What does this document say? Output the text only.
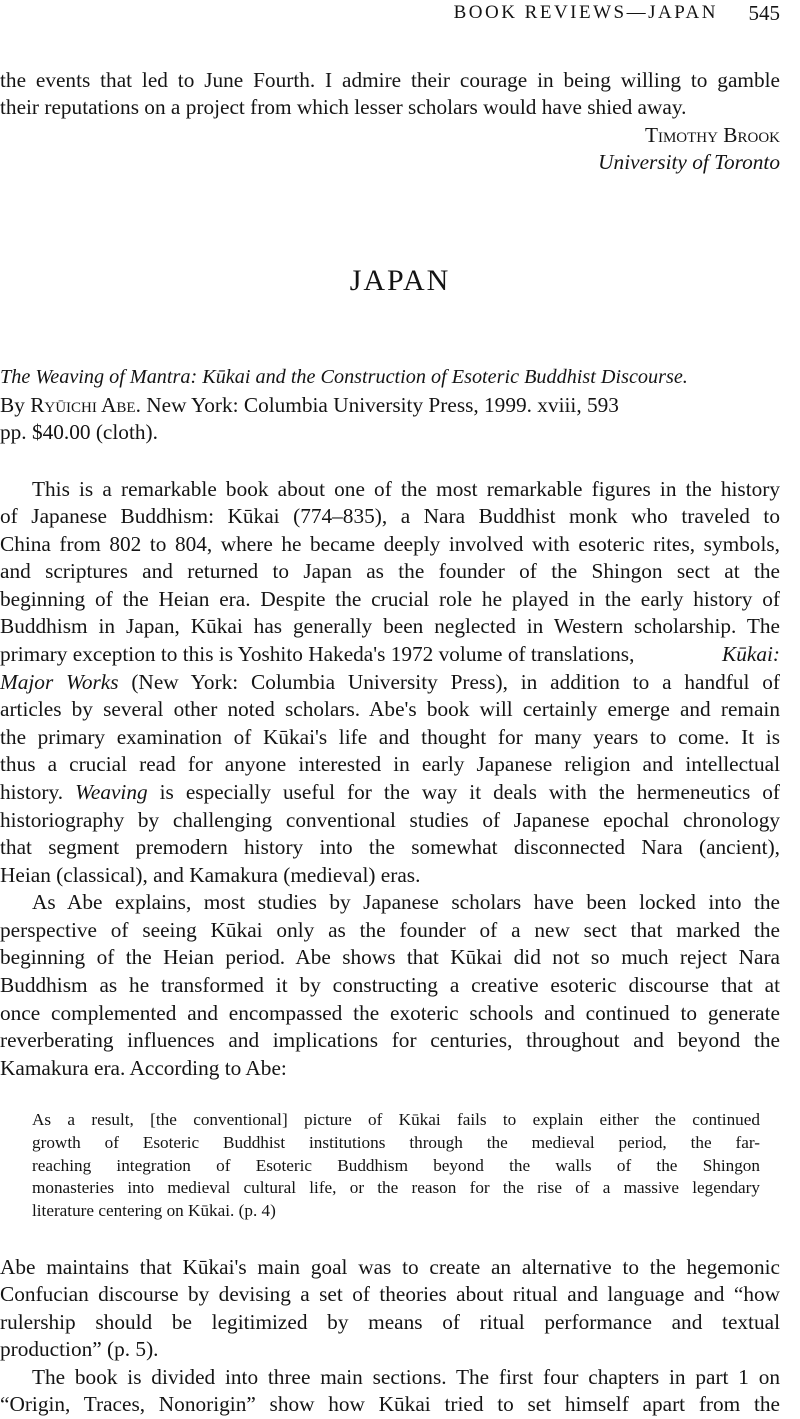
BOOK REVIEWS—JAPAN 545
the events that led to June Fourth. I admire their courage in being willing to gamble
their reputations on a project from which lesser scholars would have shied away.
Timothy Brook
University of Toronto
JAPAN
The Weaving of Mantra: Kūkai and the Construction of Esoteric Buddhist Discourse.
By Ryūichi Abe. New York: Columbia University Press, 1999. xviii, 593
pp. $40.00 (cloth).
This is a remarkable book about one of the most remarkable figures in the history
of Japanese Buddhism: Kūkai (774–835), a Nara Buddhist monk who traveled to
China from 802 to 804, where he became deeply involved with esoteric rites, symbols,
and scriptures and returned to Japan as the founder of the Shingon sect at the
beginning of the Heian era. Despite the crucial role he played in the early history of
Buddhism in Japan, Kūkai has generally been neglected in Western scholarship. The
primary exception to this is Yoshito Hakeda's 1972 volume of translations,	Kūkai:
Major Works (New York: Columbia University Press), in addition to a handful of
articles by several other noted scholars. Abe's book will certainly emerge and remain
the primary examination of Kūkai's life and thought for many years to come. It is
thus a crucial read for anyone interested in early Japanese religion and intellectual
history. Weaving is especially useful for the way it deals with the hermeneutics of
historiography by challenging conventional studies of Japanese epochal chronology
that segment premodern history into the somewhat disconnected Nara (ancient),
Heian (classical), and Kamakura (medieval) eras.
As Abe explains, most studies by Japanese scholars have been locked into the
perspective of seeing Kūkai only as the founder of a new sect that marked the
beginning of the Heian period. Abe shows that Kūkai did not so much reject Nara
Buddhism as he transformed it by constructing a creative esoteric discourse that at
once complemented and encompassed the exoteric schools and continued to generate
reverberating influences and implications for centuries, throughout and beyond the
Kamakura era. According to Abe:
As a result, [the conventional] picture of Kūkai fails to explain either the continued
growth of Esoteric Buddhist institutions through the medieval period, the far-
reaching integration of Esoteric Buddhism beyond the walls of the Shingon
monasteries into medieval cultural life, or the reason for the rise of a massive legendary
literature centering on Kūkai. (p. 4)
Abe maintains that Kūkai's main goal was to create an alternative to the hegemonic
Confucian discourse by devising a set of theories about ritual and language and “how
rulership should be legitimized by means of ritual performance and textual
production” (p. 5).
The book is divided into three main sections. The first four chapters in part 1 on
“Origin, Traces, Nonorigin” show how Kūkai tried to set himself apart from the
